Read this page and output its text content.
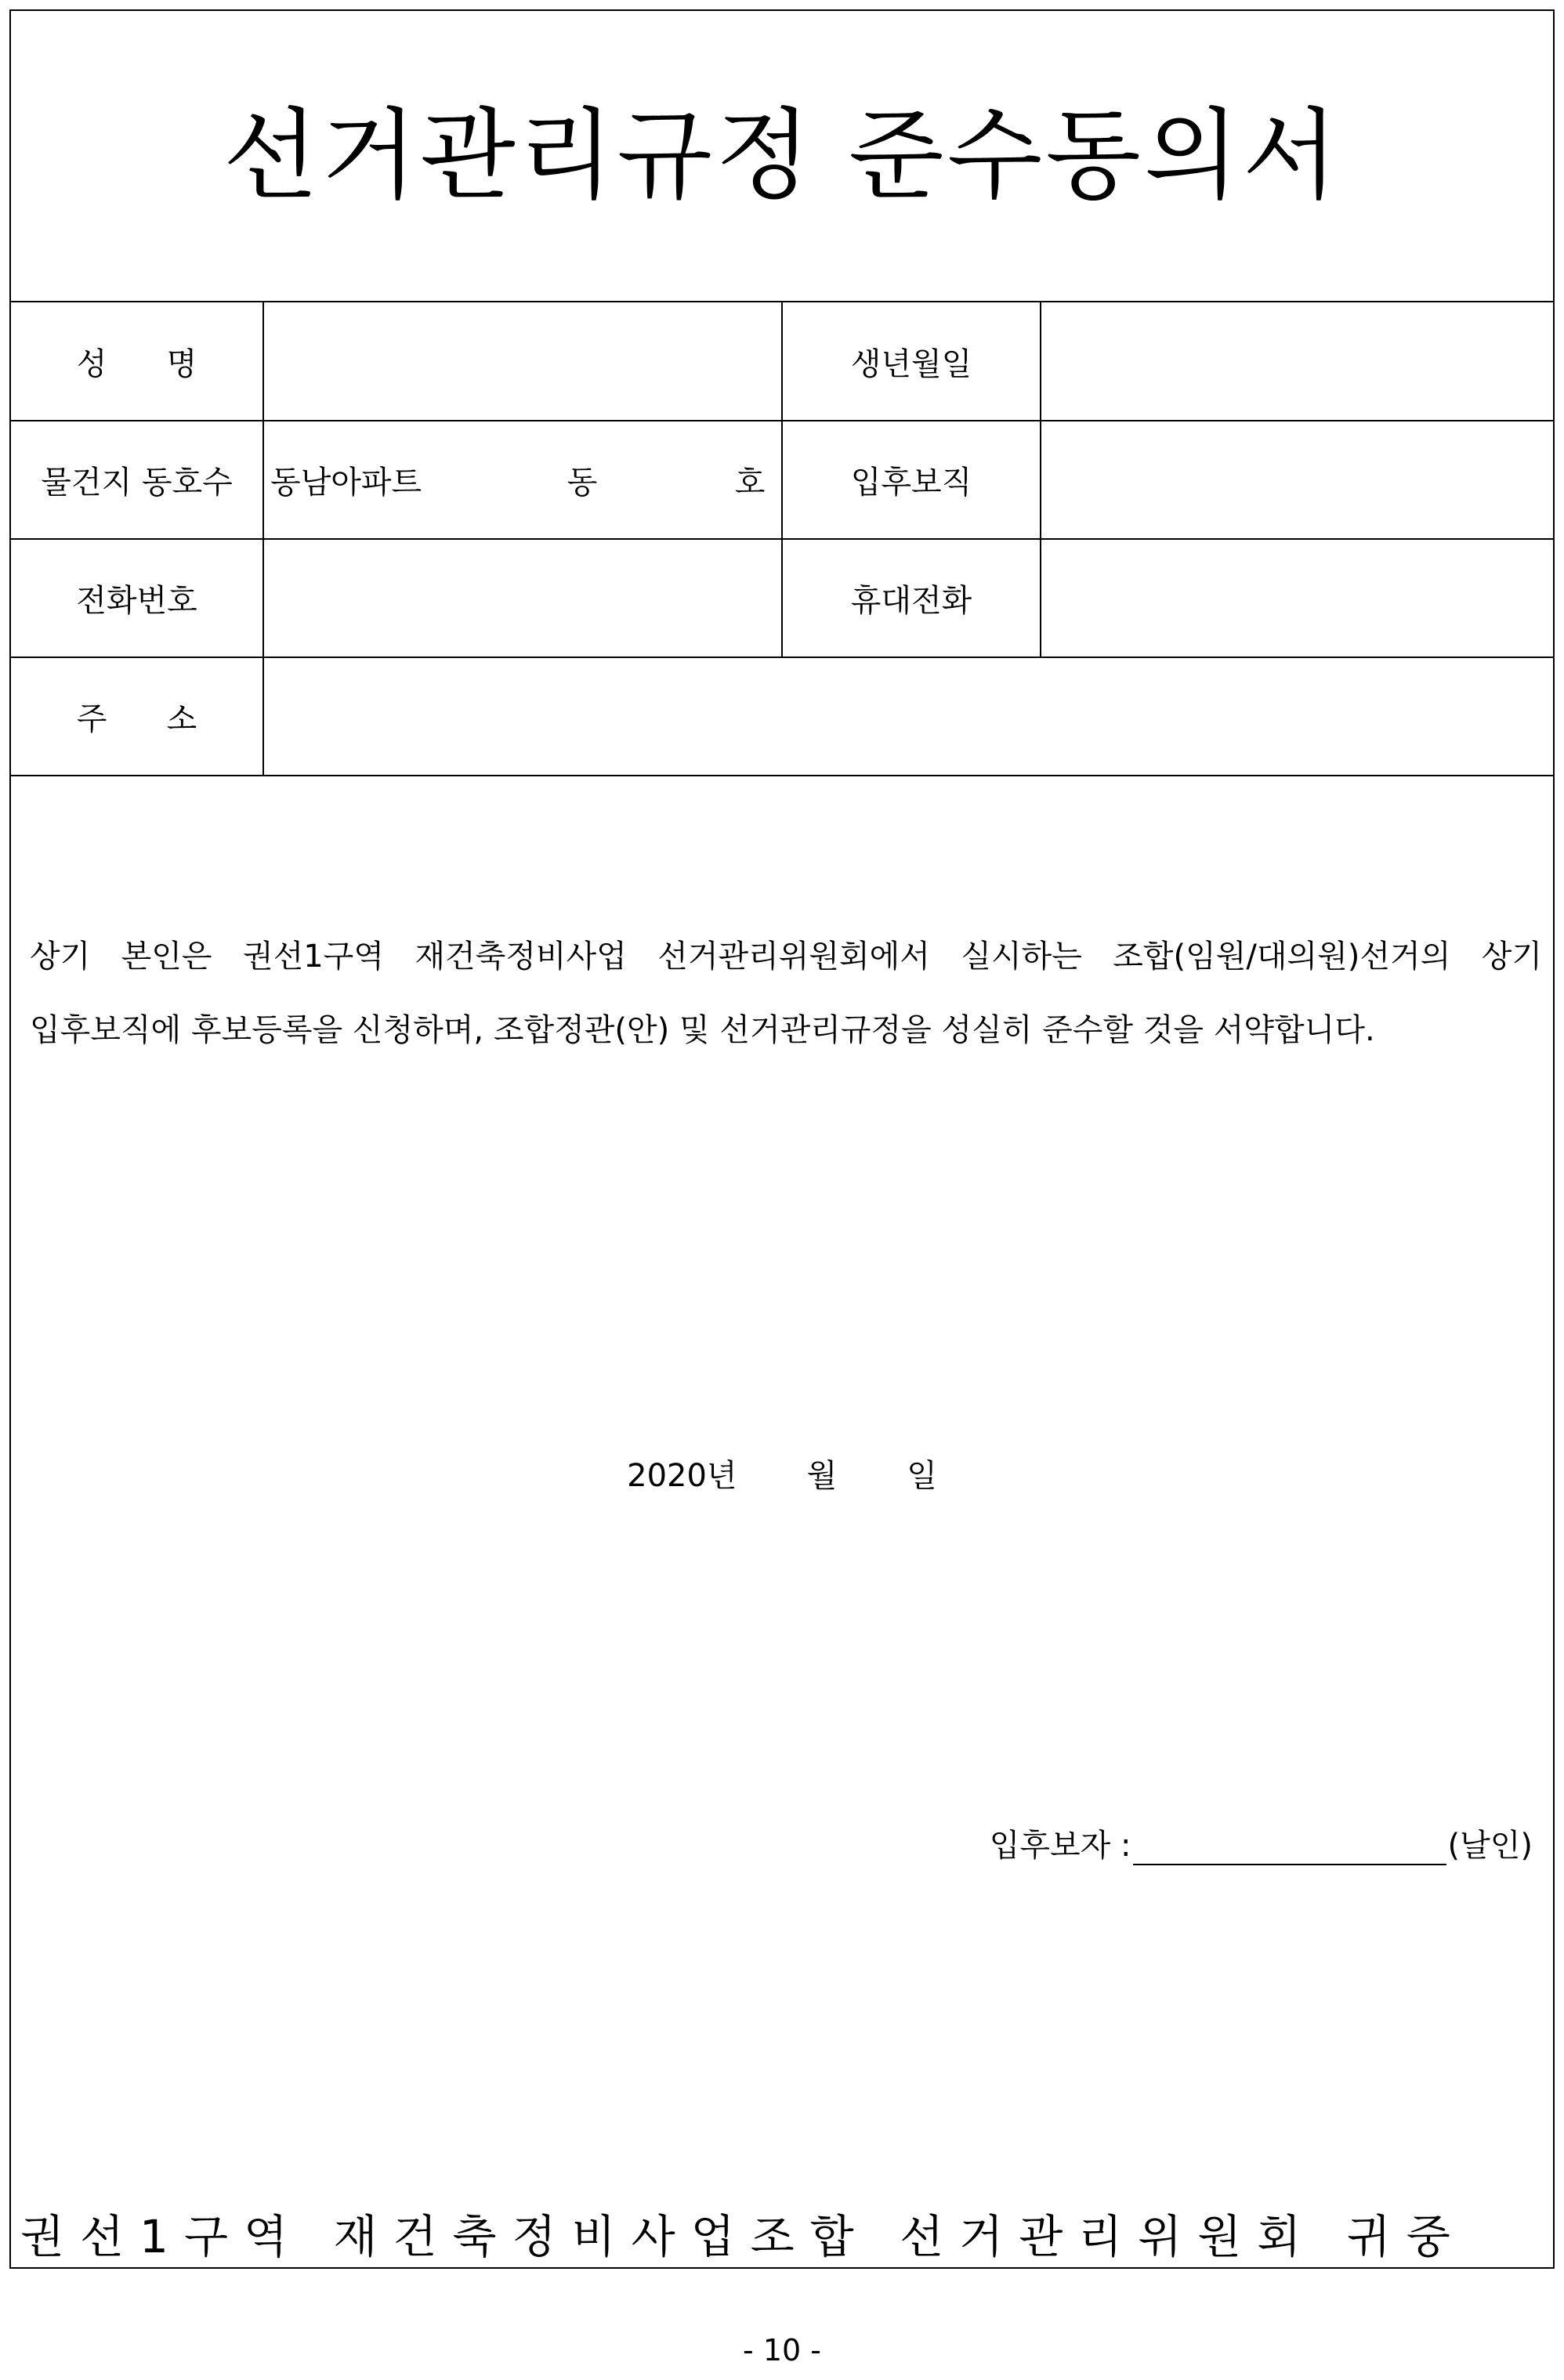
선거관리규정 준수동의서
성      명		생년월일	
물건지 동호수	동남아파트 동 호	입후보직	
전화번호		휴대전화	
주      소			
상기 본인은 권선1구역 재건축정비사업 선거관리위원회에서 실시하는 조합(임원/대의원)선거의 상기 입후보직에 후보등록을 신청하며, 조합정관(안) 및 선거관리규정을 성실히 준수할 것을 서약합니다.
2020년       월       일
입후보자 :	(날인)
권선1구역 재건축정비사업조합 선거관리위원회 귀중
- 10 -
